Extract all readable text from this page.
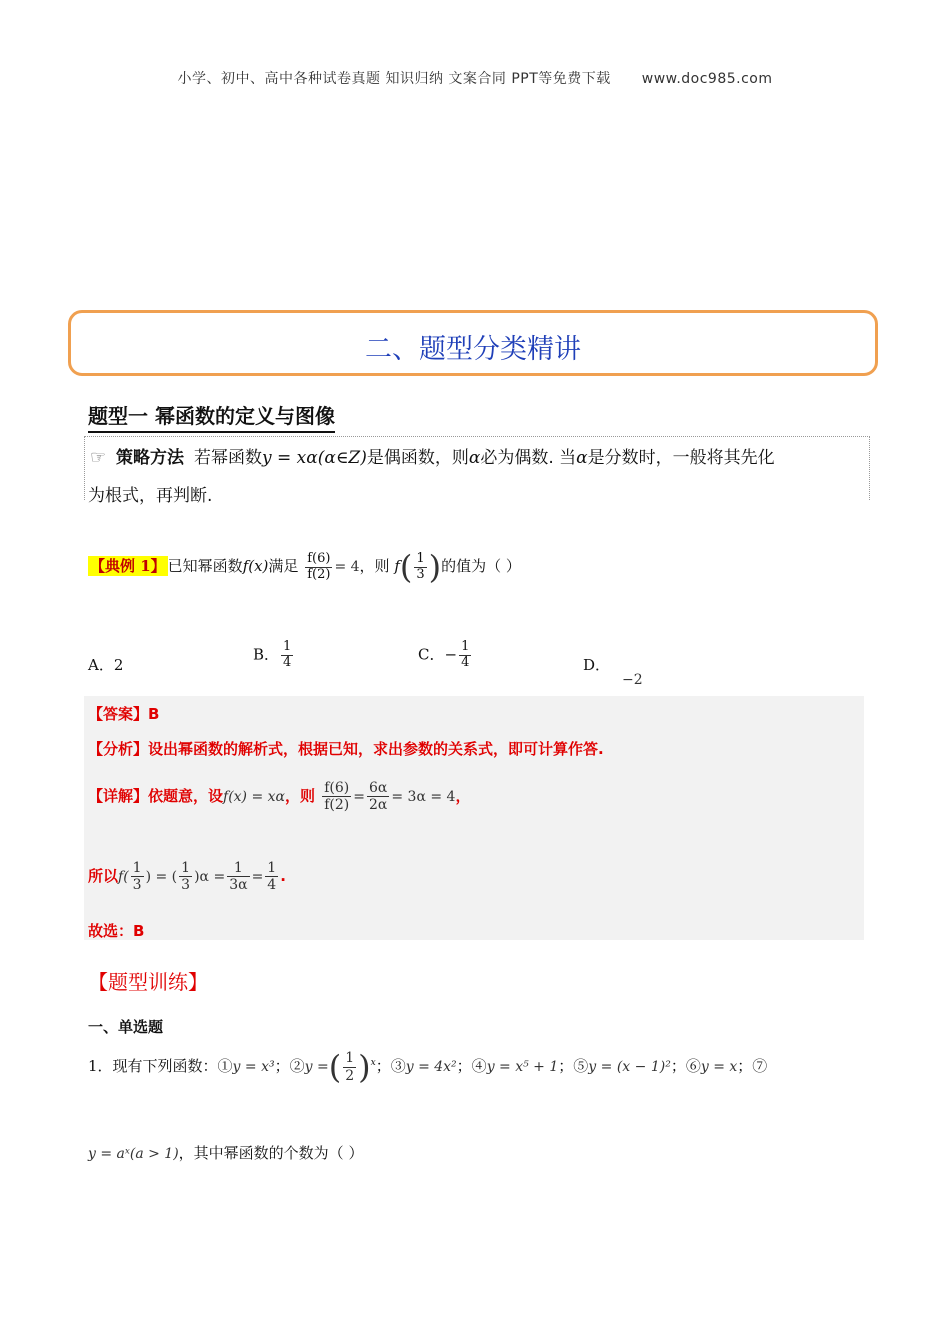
小学、初中、高中各种试卷真题 知识归纳 文案合同 PPT等免费下载 www.doc985.com
二、题型分类精讲
题型一 幂函数的定义与图像
☞ 策略方法 若幂函数y = xα(α∈Z)是偶函数，则α必为偶数. 当α是分数时，一般将其先化
为根式，再判断.
【典例 1】 已知幂函数f(x)满足 $\frac{f(6)}{f(2)} = 4$，则 $f( \frac{1}{3}$ )的值为（ ）
A．2
B． $\frac{1}{4}$	C．− $\frac{1}{4}$	D．−2
【答案】B
【分析】设出幂函数的解析式，根据已知，求出参数的关系式，即可计算作答.
【详解】依题意，设f(x) = xα，则 $\frac{f(6)}{f(2)} = \frac{6\alpha}{2\alpha} = 3\alpha = 4$，
所以$f( \frac{1}{3}$ ) = ( $\frac{1}{3} )\alpha = \frac{1}{3\alpha} = \frac{1}{4}$ .
故选：B
【题型训练】
一、单选题
1．现有下列函数：①y = x³；②y =( $\frac{1}{2} )^x$；③y = 4x²；④y = x⁵ + 1；⑤y = (x − 1)²；⑥y = x；⑦
y = aˣ(a > 1)，其中幂函数的个数为（ ）
